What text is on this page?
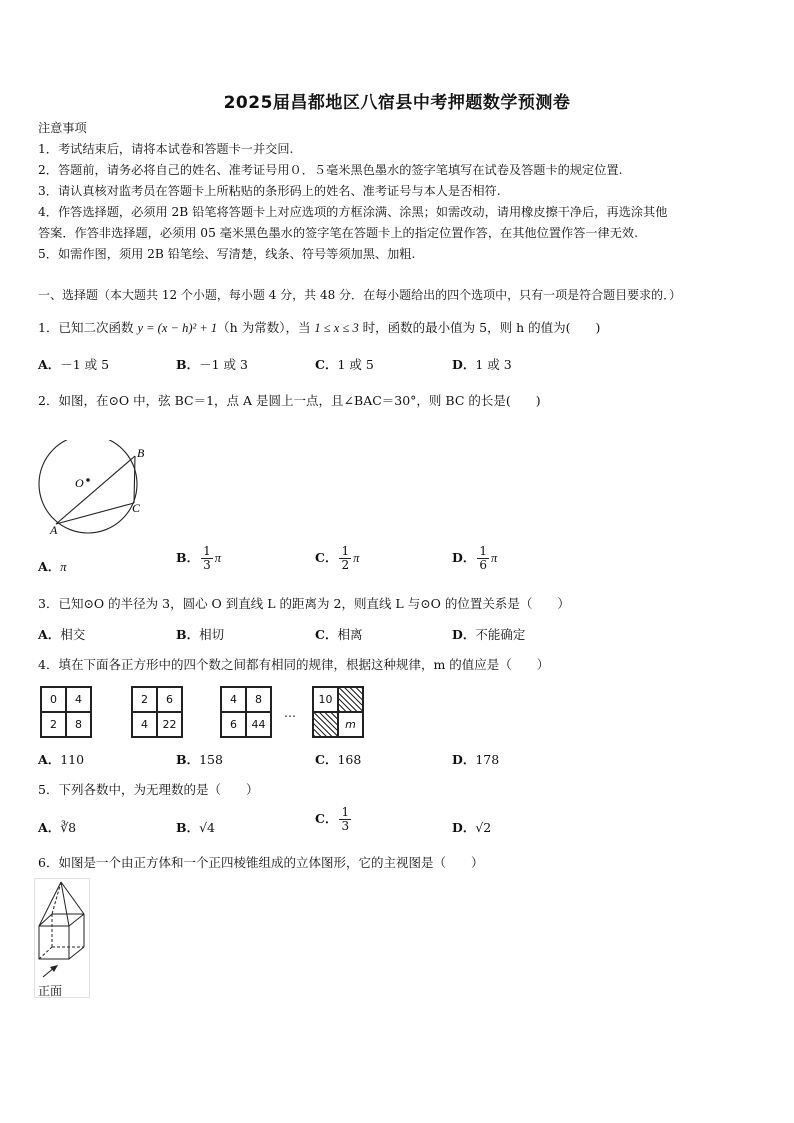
2025届昌都地区八宿县中考押题数学预测卷
注意事项
1．考试结束后，请将本试卷和答题卡一并交回.
2．答题前，请务必将自己的姓名、准考证号用０．５毫米黑色墨水的签字笔填写在试卷及答题卡的规定位置.
3．请认真核对监考员在答题卡上所粘贴的条形码上的姓名、准考证号与本人是否相符.
4．作答选择题，必须用 2B 铅笔将答题卡上对应选项的方框涂满、涂黑；如需改动，请用橡皮擦干净后，再选涂其他
答案．作答非选择题，必须用 05 毫米黑色墨水的签字笔在答题卡上的指定位置作答，在其他位置作答一律无效.
5．如需作图，须用 2B 铅笔绘、写清楚，线条、符号等须加黑、加粗.
一、选择题（本大题共 12 个小题，每小题 4 分，共 48 分．在每小题给出的四个选项中，只有一项是符合题目要求的．）
1．已知二次函数 y = (x − h)² + 1（h 为常数），当 1 ≤ x ≤ 3 时，函数的最小值为 5，则 h 的值为(　　)
A．－1 或 5	B．－1 或 3	C．1 或 5	D．1 或 3
2．如图，在⊙O 中，弦 BC＝1，点 A 是圆上一点，且∠BAC＝30°，则 BC 的长是(　　)
O
B
C
A
A．π
B． $\frac{1}{3}$ π	C． $\frac{1}{2}$ π	D． $\frac{1}{6}$ π
3．已知⊙O 的半径为 3，圆心 O 到直线 L 的距离为 2，则直线 L 与⊙O 的位置关系是（　　）
A．相交	B．相切	C．相离	D．不能确定
4．填在下面各正方形中的四个数之间都有相同的规律，根据这种规律，m 的值应是（　　）
0	4
2	8
2	6
4	22
4	8
6	44
…
10
m
A．110	B．158	C．168	D．178
5．下列各数中，为无理数的是（　　）
A．∛8	B．√4
C． $\frac{1}{3}$	D．√2
6．如图是一个由正方体和一个正四棱锥组成的立体图形，它的主视图是（　　）
正面
